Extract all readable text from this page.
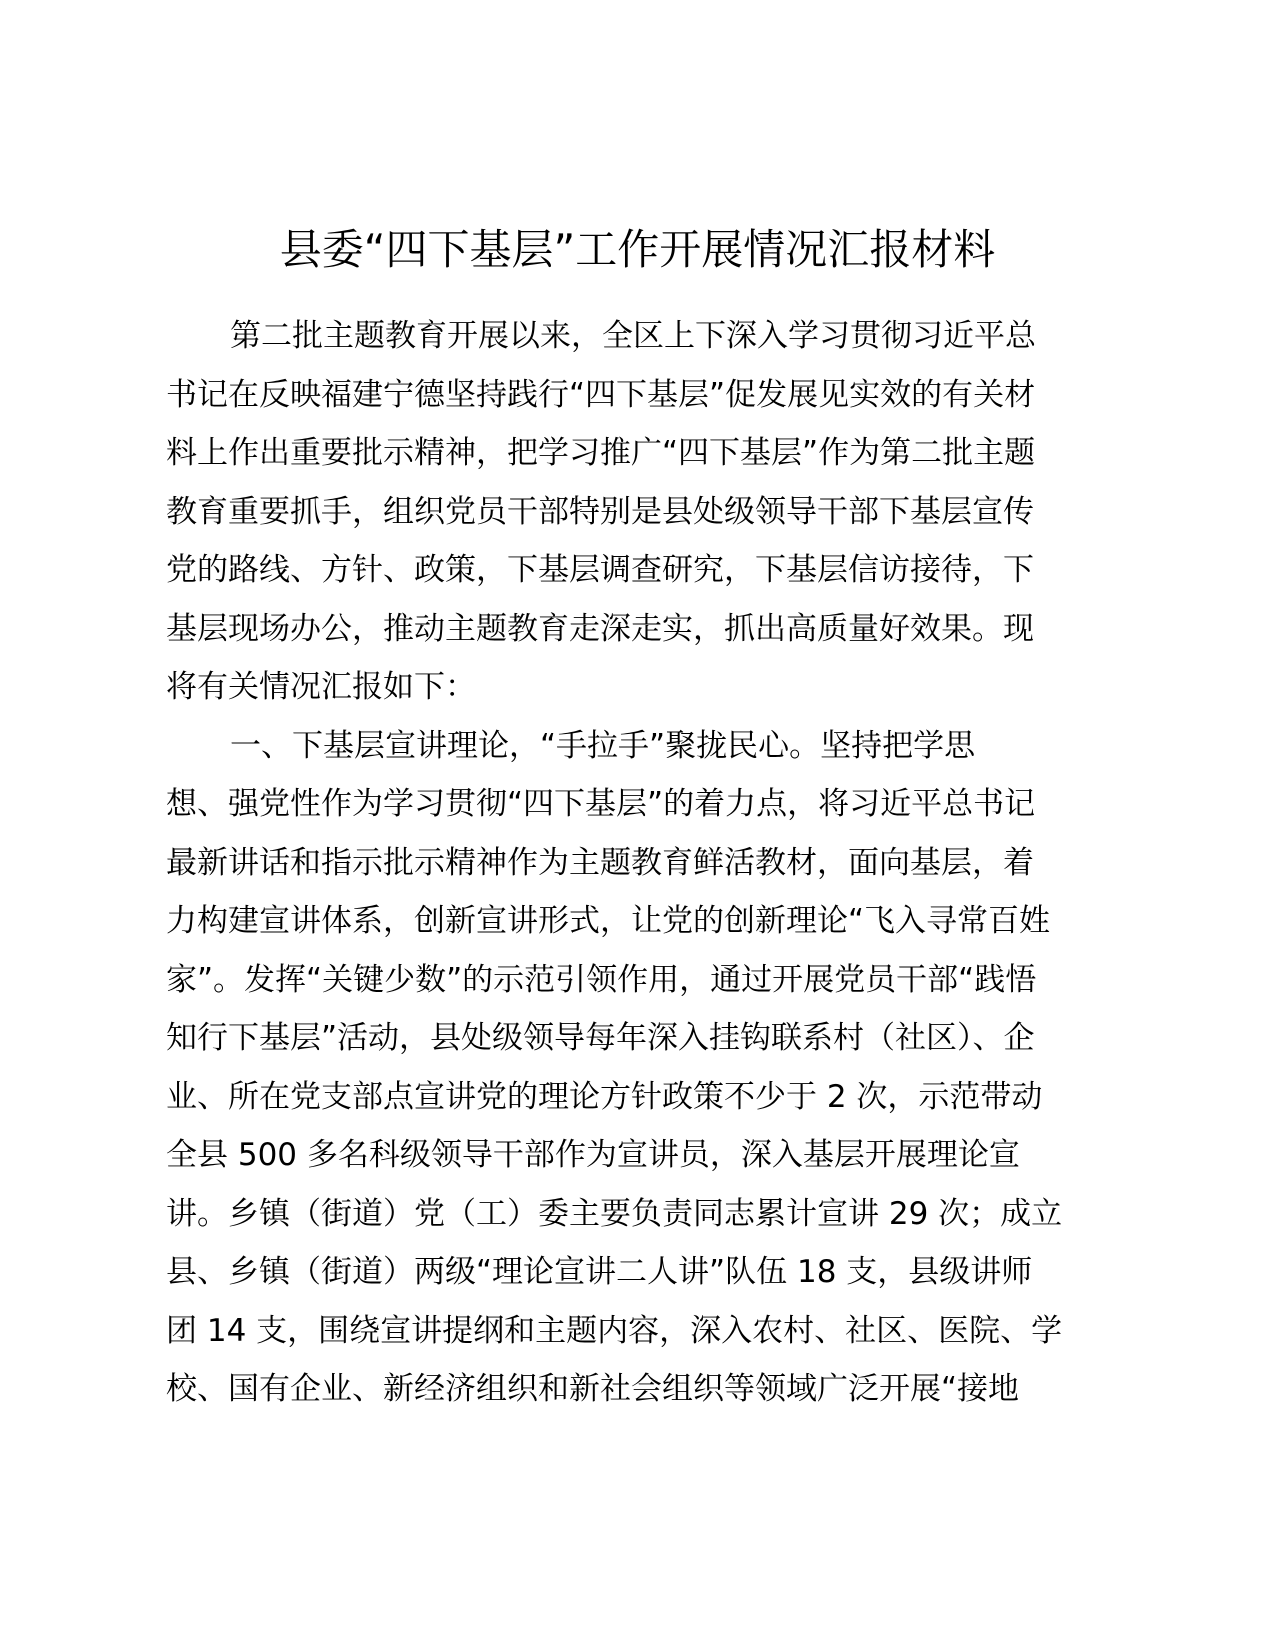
县委“四下基层”工作开展情况汇报材料
第二批主题教育开展以来，全区上下深入学习贯彻习近平总
书记在反映福建宁德坚持践行“四下基层”促发展见实效的有关材
料上作出重要批示精神，把学习推广“四下基层”作为第二批主题
教育重要抓手，组织党员干部特别是县处级领导干部下基层宣传
党的路线、方针、政策，下基层调查研究，下基层信访接待，下
基层现场办公，推动主题教育走深走实，抓出高质量好效果。现
将有关情况汇报如下：
一、下基层宣讲理论，“手拉手”聚拢民心。坚持把学思
想、强党性作为学习贯彻“四下基层”的着力点，将习近平总书记
最新讲话和指示批示精神作为主题教育鲜活教材，面向基层，着
力构建宣讲体系，创新宣讲形式，让党的创新理论“飞入寻常百姓
家”。发挥“关键少数”的示范引领作用，通过开展党员干部“践悟
知行下基层”活动，县处级领导每年深入挂钩联系村（社区）、企
业、所在党支部点宣讲党的理论方针政策不少于 2 次，示范带动
全县 500 多名科级领导干部作为宣讲员，深入基层开展理论宣
讲。乡镇（街道）党（工）委主要负责同志累计宣讲 29 次；成立
县、乡镇（街道）两级“理论宣讲二人讲”队伍 18 支，县级讲师
团 14 支，围绕宣讲提纲和主题内容，深入农村、社区、医院、学
校、国有企业、新经济组织和新社会组织等领域广泛开展“接地
